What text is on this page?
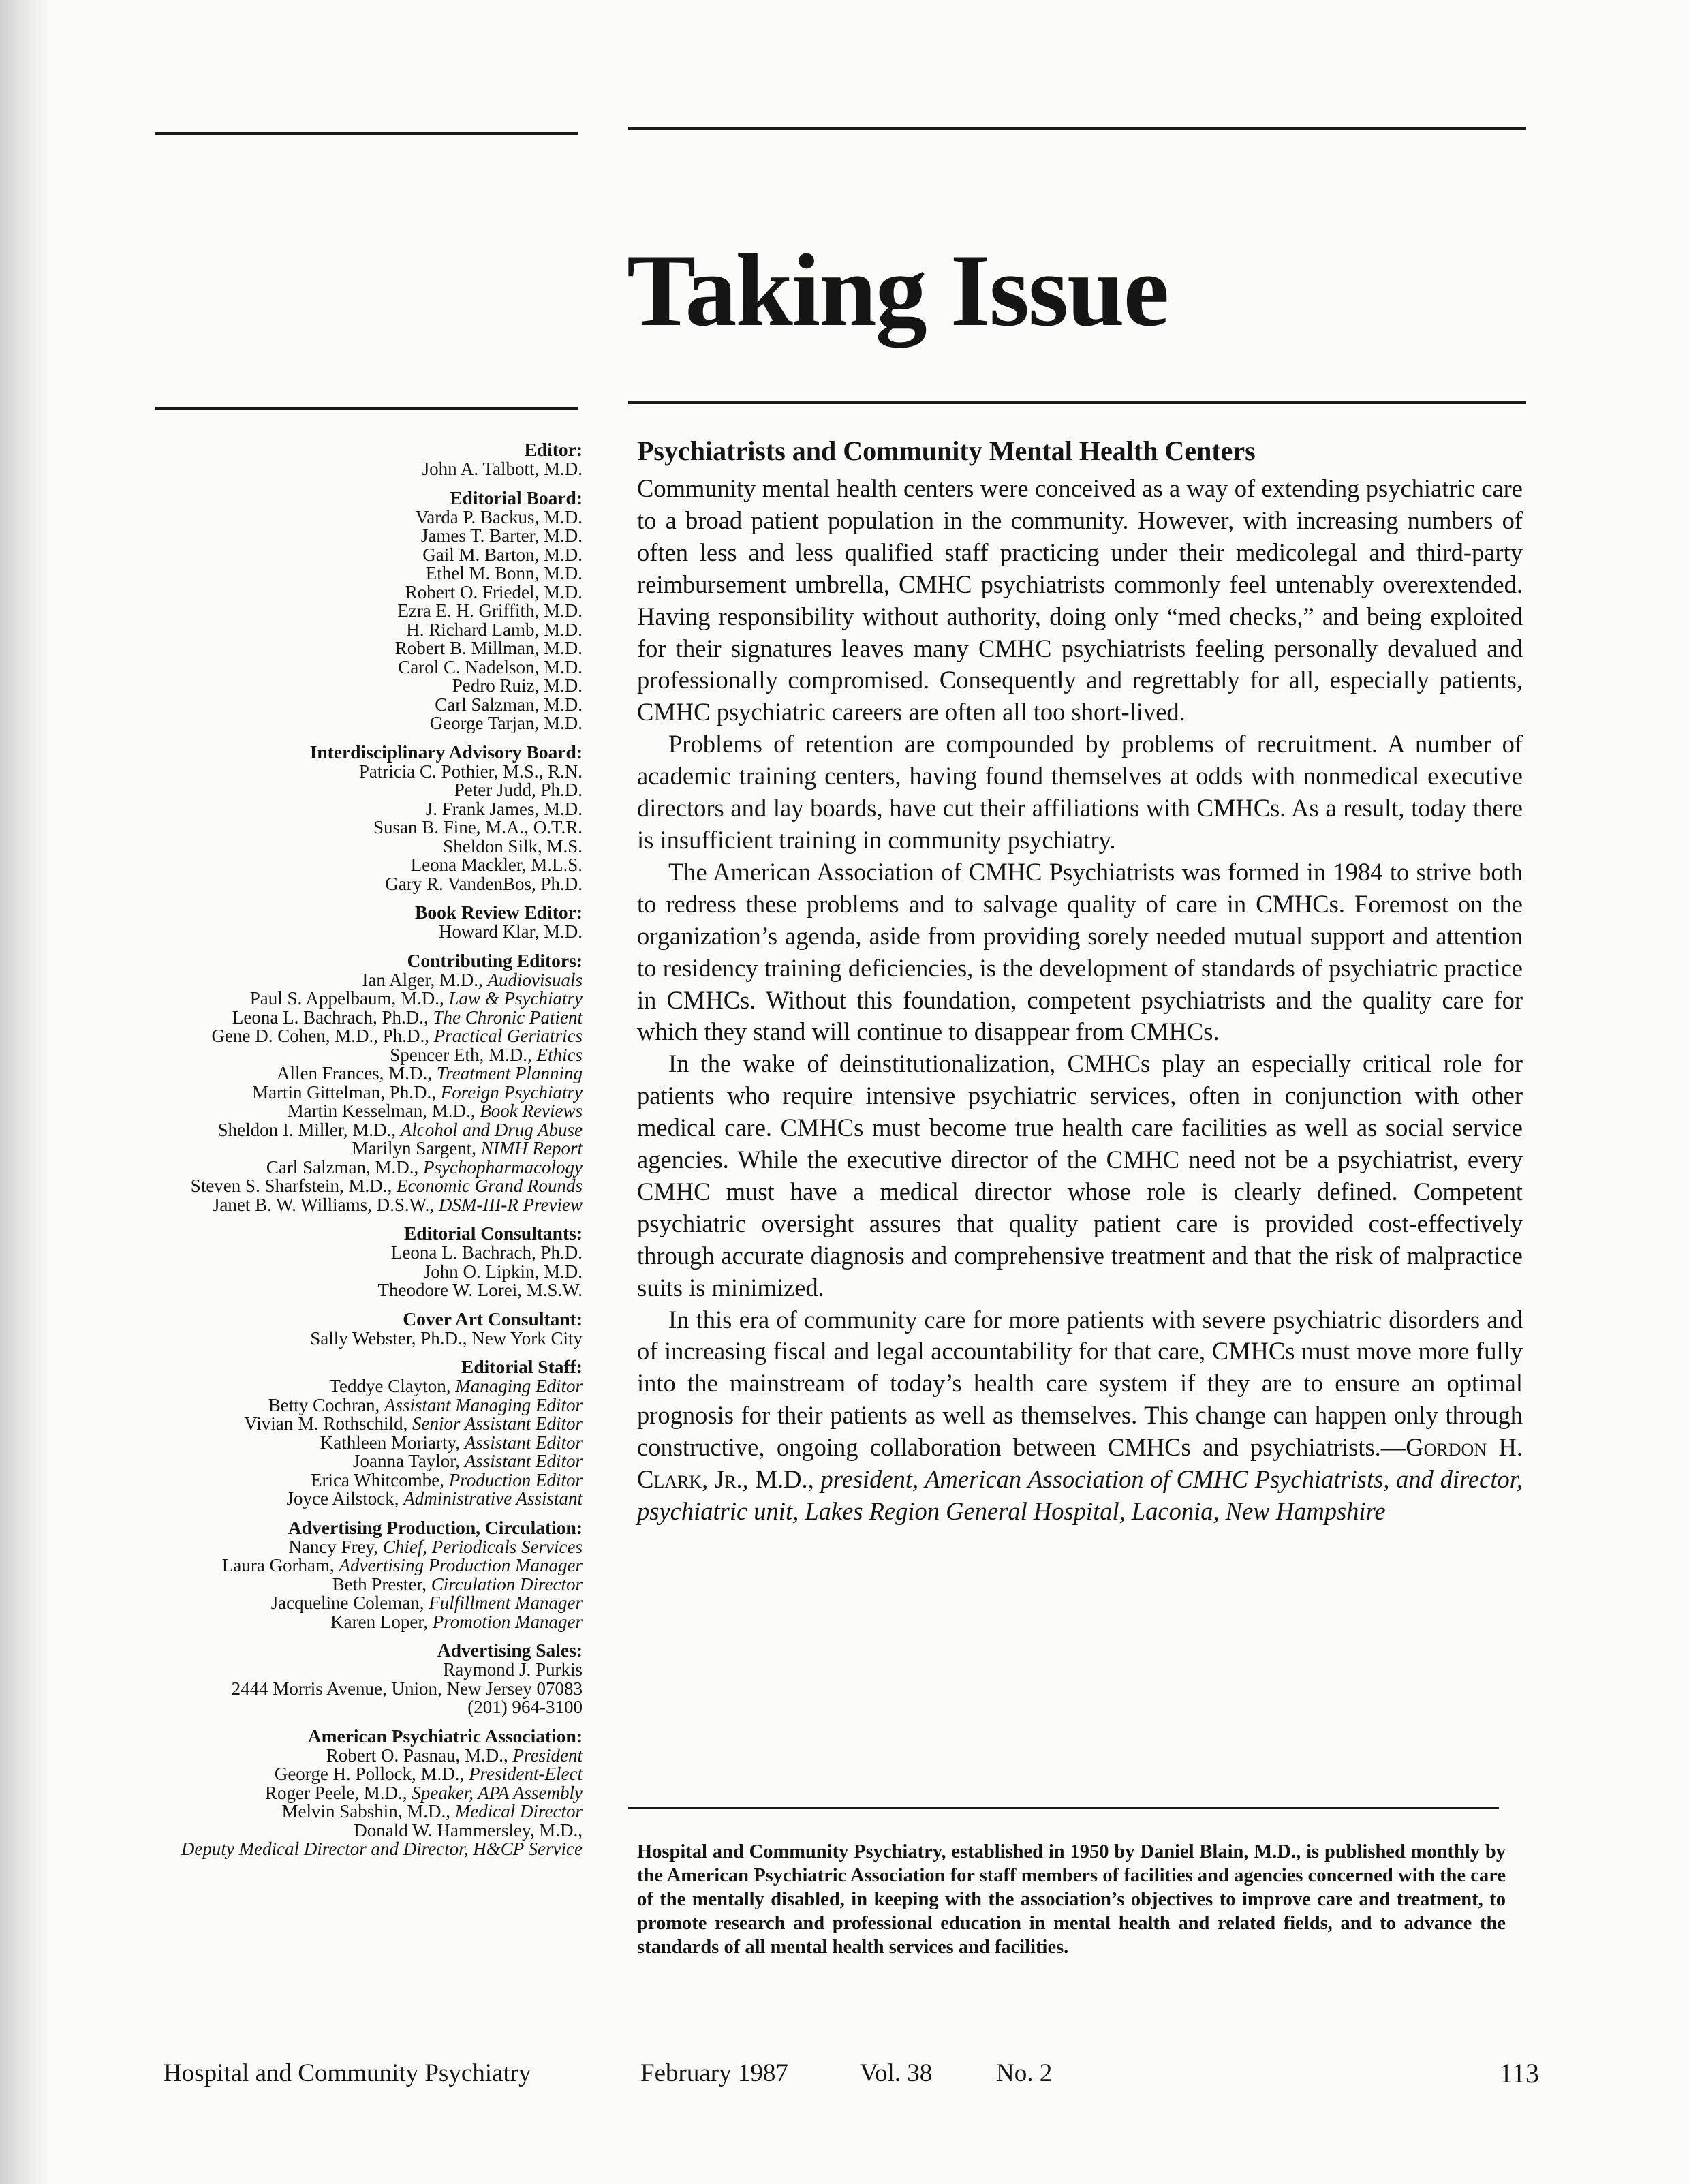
Taking Issue
Editor:
John A. Talbott, M.D.
Editorial Board:
Varda P. Backus, M.D.
James T. Barter, M.D.
Gail M. Barton, M.D.
Ethel M. Bonn, M.D.
Robert O. Friedel, M.D.
Ezra E. H. Griffith, M.D.
H. Richard Lamb, M.D.
Robert B. Millman, M.D.
Carol C. Nadelson, M.D.
Pedro Ruiz, M.D.
Carl Salzman, M.D.
George Tarjan, M.D.
Interdisciplinary Advisory Board:
Patricia C. Pothier, M.S., R.N.
Peter Judd, Ph.D.
J. Frank James, M.D.
Susan B. Fine, M.A., O.T.R.
Sheldon Silk, M.S.
Leona Mackler, M.L.S.
Gary R. VandenBos, Ph.D.
Book Review Editor:
Howard Klar, M.D.
Contributing Editors:
Ian Alger, M.D., Audiovisuals
Paul S. Appelbaum, M.D., Law & Psychiatry
Leona L. Bachrach, Ph.D., The Chronic Patient
Gene D. Cohen, M.D., Ph.D., Practical Geriatrics
Spencer Eth, M.D., Ethics
Allen Frances, M.D., Treatment Planning
Martin Gittelman, Ph.D., Foreign Psychiatry
Martin Kesselman, M.D., Book Reviews
Sheldon I. Miller, M.D., Alcohol and Drug Abuse
Marilyn Sargent, NIMH Report
Carl Salzman, M.D., Psychopharmacology
Steven S. Sharfstein, M.D., Economic Grand Rounds
Janet B. W. Williams, D.S.W., DSM-III-R Preview
Editorial Consultants:
Leona L. Bachrach, Ph.D.
John O. Lipkin, M.D.
Theodore W. Lorei, M.S.W.
Cover Art Consultant:
Sally Webster, Ph.D., New York City
Editorial Staff:
Teddye Clayton, Managing Editor
Betty Cochran, Assistant Managing Editor
Vivian M. Rothschild, Senior Assistant Editor
Kathleen Moriarty, Assistant Editor
Joanna Taylor, Assistant Editor
Erica Whitcombe, Production Editor
Joyce Ailstock, Administrative Assistant
Advertising Production, Circulation:
Nancy Frey, Chief, Periodicals Services
Laura Gorham, Advertising Production Manager
Beth Prester, Circulation Director
Jacqueline Coleman, Fulfillment Manager
Karen Loper, Promotion Manager
Advertising Sales:
Raymond J. Purkis
2444 Morris Avenue, Union, New Jersey 07083
(201) 964-3100
American Psychiatric Association:
Robert O. Pasnau, M.D., President
George H. Pollock, M.D., President-Elect
Roger Peele, M.D., Speaker, APA Assembly
Melvin Sabshin, M.D., Medical Director
Donald W. Hammersley, M.D.,
Deputy Medical Director and Director, H&CP Service
Psychiatrists and Community Mental Health Centers

Community mental health centers were conceived as a way of extending psychiatric care to a broad patient population in the community. However, with increasing numbers of often less and less qualified staff practicing under their medicolegal and third-party reimbursement umbrella, CMHC psychiatrists commonly feel untenably overextended. Having responsibility without authority, doing only “med checks,” and being exploited for their signatures leaves many CMHC psychiatrists feeling personally devalued and professionally compromised. Consequently and regrettably for all, especially patients, CMHC psychiatric careers are often all too short-lived.

Problems of retention are compounded by problems of recruitment. A number of academic training centers, having found themselves at odds with nonmedical executive directors and lay boards, have cut their affiliations with CMHCs. As a result, today there is insufficient training in community psychiatry.

The American Association of CMHC Psychiatrists was formed in 1984 to strive both to redress these problems and to salvage quality of care in CMHCs. Foremost on the organization’s agenda, aside from providing sorely needed mutual support and attention to residency training deficiencies, is the development of standards of psychiatric practice in CMHCs. Without this foundation, competent psychiatrists and the quality care for which they stand will continue to disappear from CMHCs.

In the wake of deinstitutionalization, CMHCs play an especially critical role for patients who require intensive psychiatric services, often in conjunction with other medical care. CMHCs must become true health care facilities as well as social service agencies. While the executive director of the CMHC need not be a psychiatrist, every CMHC must have a medical director whose role is clearly defined. Competent psychiatric oversight assures that quality patient care is provided cost-effectively through accurate diagnosis and comprehensive treatment and that the risk of malpractice suits is minimized.

In this era of community care for more patients with severe psychiatric disorders and of increasing fiscal and legal accountability for that care, CMHCs must move more fully into the mainstream of today’s health care system if they are to ensure an optimal prognosis for their patients as well as themselves. This change can happen only through constructive, ongoing collaboration between CMHCs and psychiatrists.—Gordon H. Clark, Jr., M.D., president, American Association of CMHC Psychiatrists, and director, psychiatric unit, Lakes Region General Hospital, Laconia, New Hampshire

Hospital and Community Psychiatry, established in 1950 by Daniel Blain, M.D., is published monthly by the American Psychiatric Association for staff members of facilities and agencies concerned with the care of the mentally disabled, in keeping with the association’s objectives to improve care and treatment, to promote research and professional education in mental health and related fields, and to advance the standards of all mental health services and facilities.

Hospital and Community Psychiatry	February 1987	Vol. 38	No. 2	113
